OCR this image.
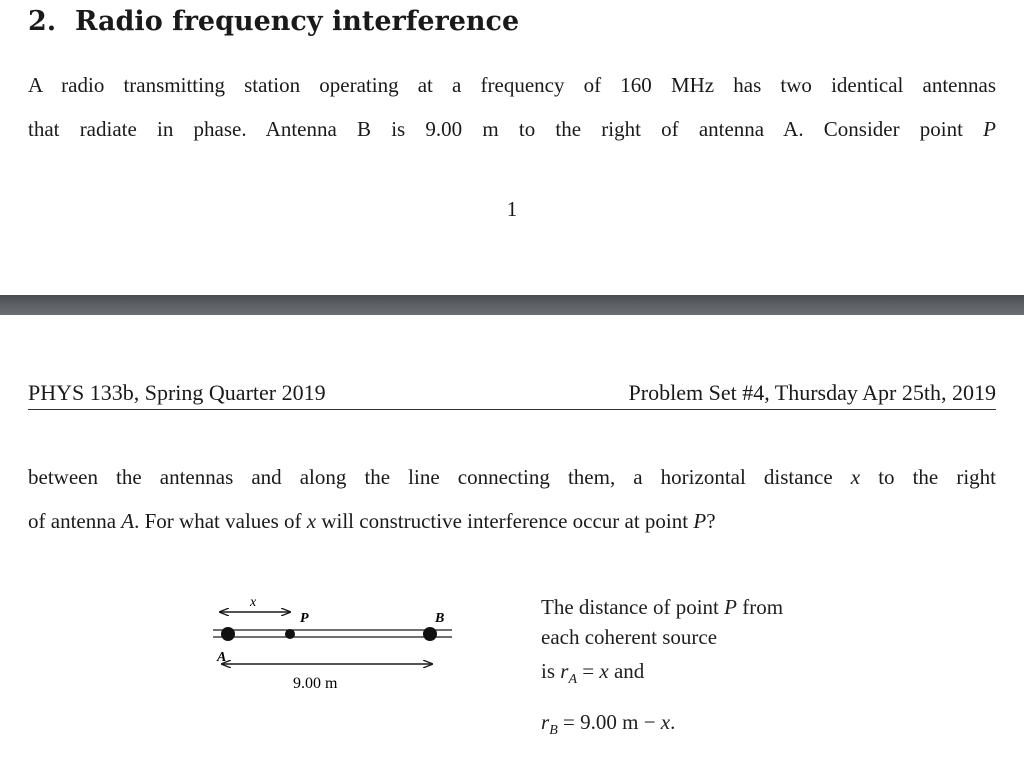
2. Radio frequency interference
A radio transmitting station operating at a frequency of 160 MHz has two identical antennas
that radiate in phase. Antenna B is 9.00 m to the right of antenna A. Consider point P
1
PHYS 133b, Spring Quarter 2019	Problem Set #4, Thursday Apr 25th, 2019
between the antennas and along the line connecting them, a horizontal distance x to the right
of antenna A. For what values of x will constructive interference occur at point P?
x
P	B
A
9.00 m
The distance of point P from
each coherent source
is $r_A = x$ and
$r_B = 9.00$ m − x.
